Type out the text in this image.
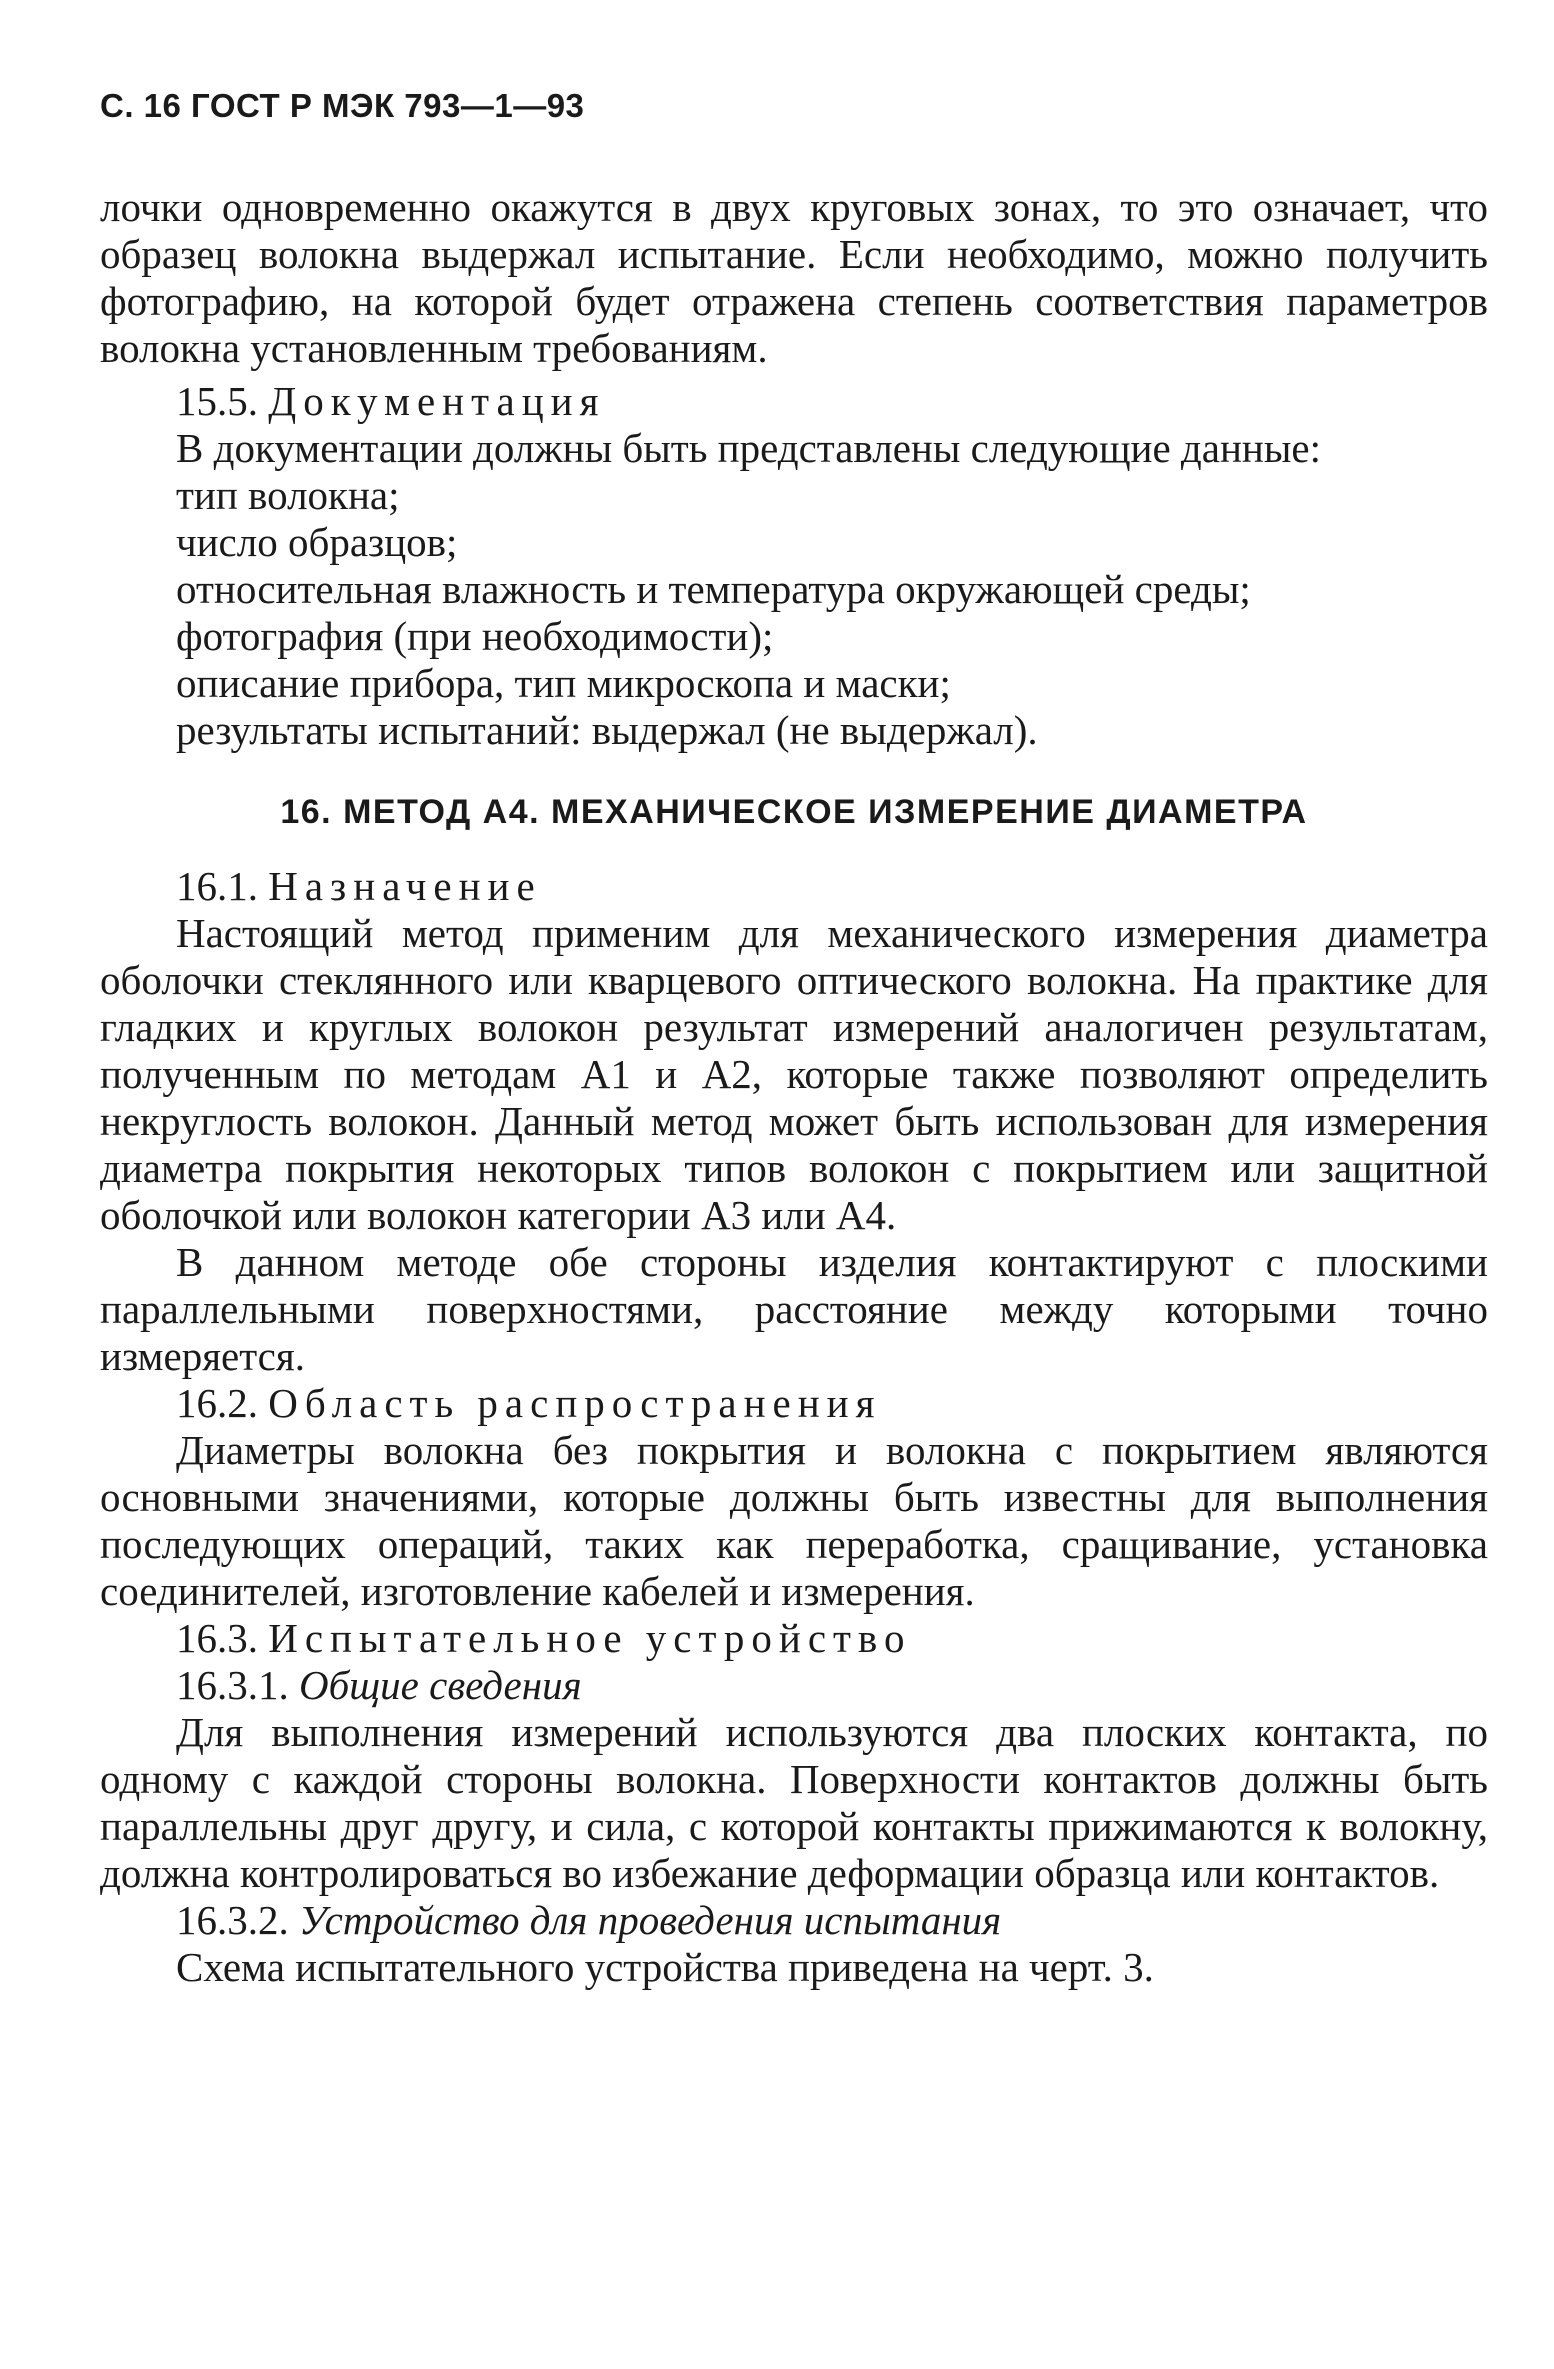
С. 16 ГОСТ Р МЭК 793—1—93

лочки одновременно окажутся в двух круговых зонах, то это означает, что образец волокна выдержал испытание. Если необходимо, можно получить фотографию, на которой будет отражена степень соответствия параметров волокна установленным требованиям.

15.5. Документация

В документации должны быть представлены следующие данные:

тип волокна;

число образцов;

относительная влажность и температура окружающей среды;

фотография (при необходимости);

описание прибора, тип микроскопа и маски;

результаты испытаний: выдержал (не выдержал).

16. МЕТОД А4. МЕХАНИЧЕСКОЕ ИЗМЕРЕНИЕ ДИАМЕТРА

16.1. Назначение

Настоящий метод применим для механического измерения диаметра оболочки стеклянного или кварцевого оптического волокна. На практике для гладких и круглых волокон результат измерений аналогичен результатам, полученным по методам А1 и А2, которые также позволяют определить некруглость волокон. Данный метод может быть использован для измерения диаметра покрытия некоторых типов волокон с покрытием или защитной оболочкой или волокон категории А3 или А4.

В данном методе обе стороны изделия контактируют с плоскими параллельными поверхностями, расстояние между которыми точно измеряется.

16.2. Область распространения

Диаметры волокна без покрытия и волокна с покрытием являются основными значениями, которые должны быть известны для выполнения последующих операций, таких как переработка, сращивание, установка соединителей, изготовление кабелей и измерения.

16.3. Испытательное устройство

16.3.1. Общие сведения

Для выполнения измерений используются два плоских контакта, по одному с каждой стороны волокна. Поверхности контактов должны быть параллельны друг другу, и сила, с которой контакты прижимаются к волокну, должна контролироваться во избежание деформации образца или контактов.

16.3.2. Устройство для проведения испытания

Схема испытательного устройства приведена на черт. 3.
